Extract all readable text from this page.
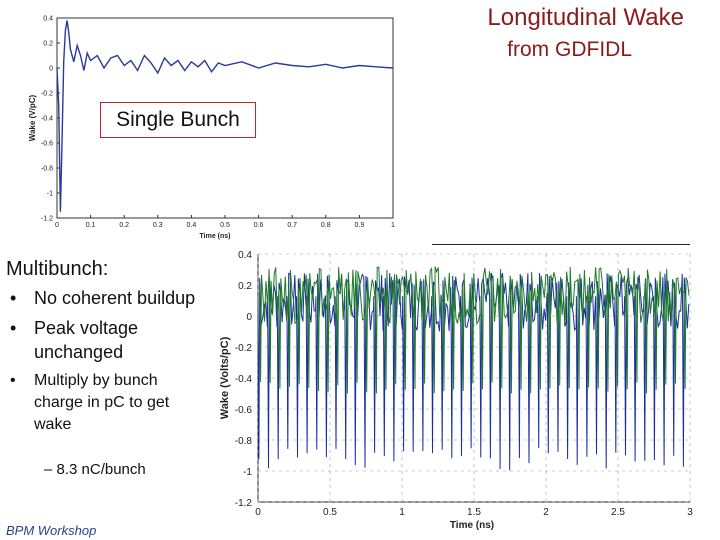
0.4
0.2
0
-0.2
-0.4
-0.6
-0.8
-1
-1.2
0	0.1	0.2	0.3	0.4	0.5	0.6	0.7	0.8	0.9	1
Time (ns)
Wake (V/pC)
0.4
0.2
0
-0.2
-0.4
-0.6
-0.8
-1
-1.2
0	0.5	1	1.5	2	2.5	3
Time (ns)
Wake (Volts/pC)
Longitudinal Wake
from GDFIDL
Single Bunch
Multibunch:
• No coherent buildup
• Peak voltage unchanged
• Multiply by bunch charge in pC to get wake
– 8.3 nC/bunch
BPM Workshop
